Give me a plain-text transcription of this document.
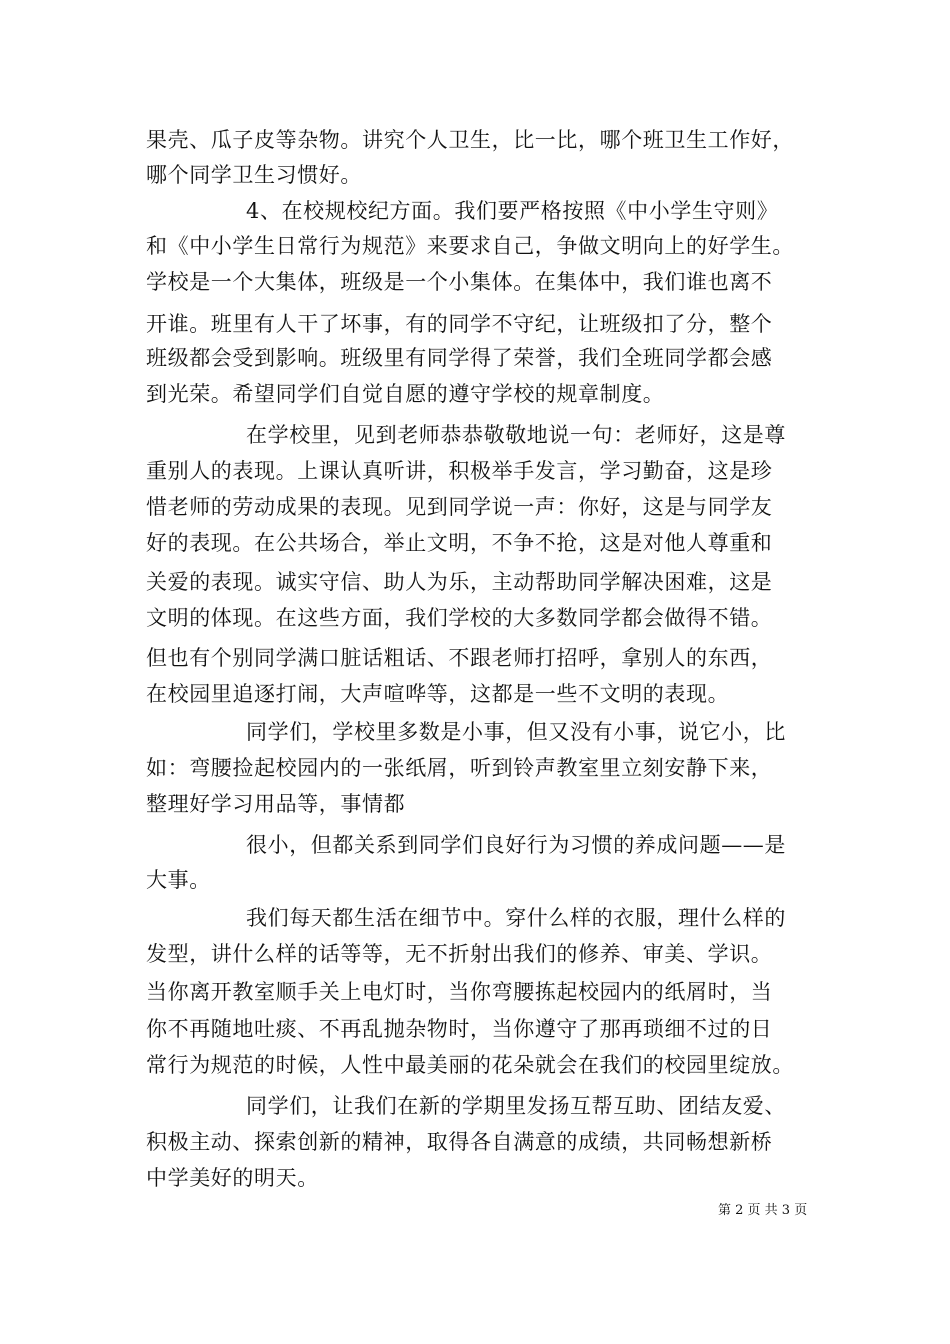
果壳、瓜子皮等杂物。讲究个人卫生，比一比，哪个班卫生工作好，
哪个同学卫生习惯好。
4、在校规校纪方面。我们要严格按照《中小学生守则》
和《中小学生日常行为规范》来要求自己，争做文明向上的好学生。
学校是一个大集体，班级是一个小集体。在集体中，我们谁也离不
开谁。班里有人干了坏事，有的同学不守纪，让班级扣了分，整个
班级都会受到影响。班级里有同学得了荣誉，我们全班同学都会感
到光荣。希望同学们自觉自愿的遵守学校的规章制度。
在学校里，见到老师恭恭敬敬地说一句：老师好，这是尊
重别人的表现。上课认真听讲，积极举手发言，学习勤奋，这是珍
惜老师的劳动成果的表现。见到同学说一声：你好，这是与同学友
好的表现。在公共场合，举止文明，不争不抢，这是对他人尊重和
关爱的表现。诚实守信、助人为乐，主动帮助同学解决困难，这是
文明的体现。在这些方面，我们学校的大多数同学都会做得不错。
但也有个别同学满口脏话粗话、不跟老师打招呼，拿别人的东西，
在校园里追逐打闹，大声喧哗等，这都是一些不文明的表现。
同学们，学校里多数是小事，但又没有小事，说它小，比
如：弯腰捡起校园内的一张纸屑，听到铃声教室里立刻安静下来，
整理好学习用品等，事情都
很小，但都关系到同学们良好行为习惯的养成问题——是
大事。
我们每天都生活在细节中。穿什么样的衣服，理什么样的
发型，讲什么样的话等等，无不折射出我们的修养、审美、学识。
当你离开教室顺手关上电灯时，当你弯腰拣起校园内的纸屑时，当
你不再随地吐痰、不再乱抛杂物时，当你遵守了那再琐细不过的日
常行为规范的时候，人性中最美丽的花朵就会在我们的校园里绽放。
同学们，让我们在新的学期里发扬互帮互助、团结友爱、
积极主动、探索创新的精神，取得各自满意的成绩，共同畅想新桥
中学美好的明天。
第 2 页 共 3 页
